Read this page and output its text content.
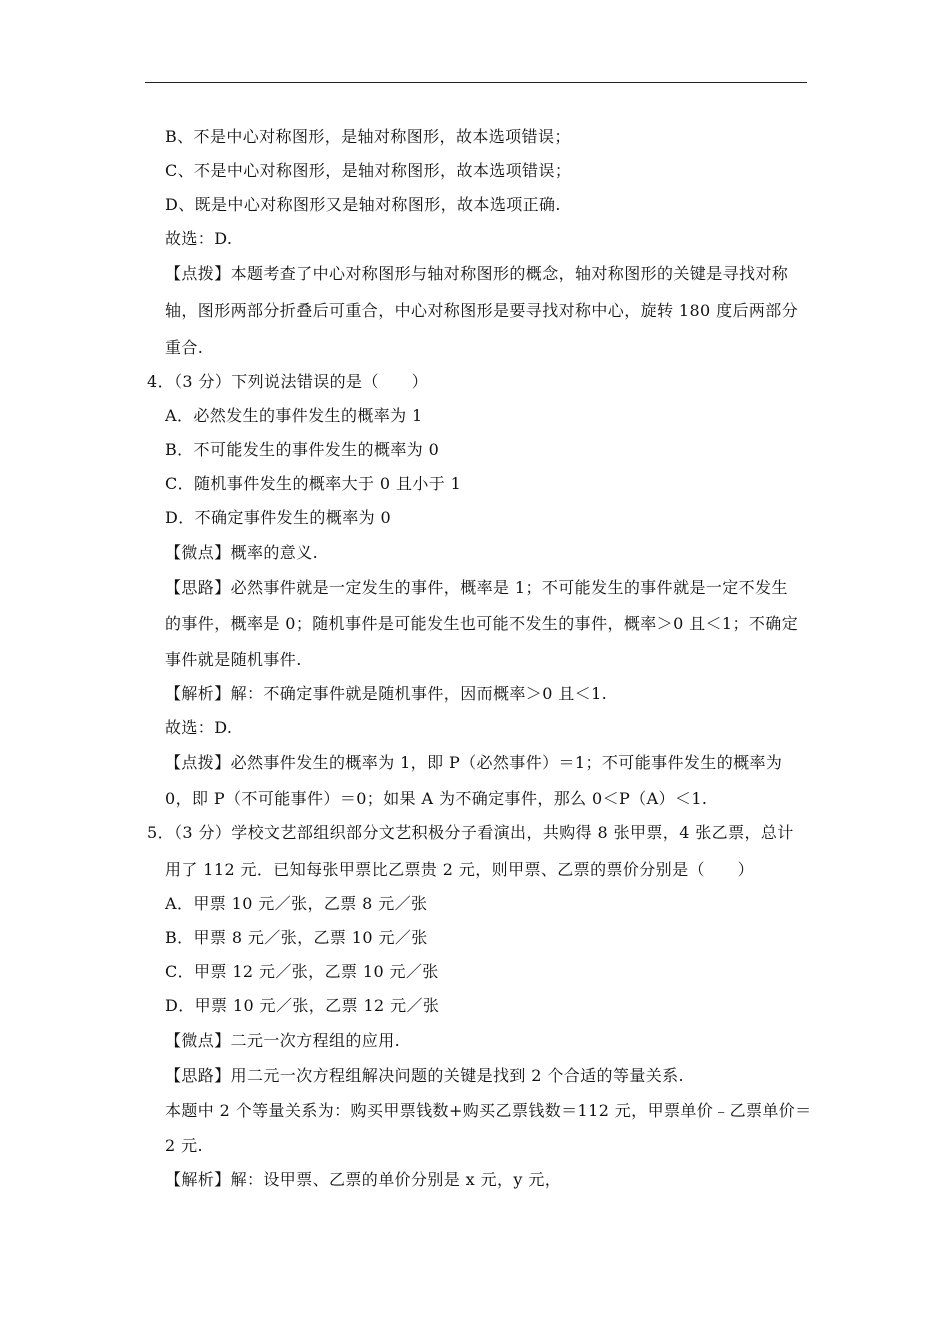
B、不是中心对称图形，是轴对称图形，故本选项错误；
C、不是中心对称图形，是轴对称图形，故本选项错误；
D、既是中心对称图形又是轴对称图形，故本选项正确.
故选：D.
【点拨】本题考查了中心对称图形与轴对称图形的概念，轴对称图形的关键是寻找对称
轴，图形两部分折叠后可重合，中心对称图形是要寻找对称中心，旋转 180 度后两部分
重合.
4．（3 分）下列说法错误的是（　　）
A．必然发生的事件发生的概率为 1
B．不可能发生的事件发生的概率为 0
C．随机事件发生的概率大于 0 且小于 1
D．不确定事件发生的概率为 0
【微点】概率的意义.
【思路】必然事件就是一定发生的事件，概率是 1；不可能发生的事件就是一定不发生
的事件，概率是 0；随机事件是可能发生也可能不发生的事件，概率＞0 且＜1；不确定
事件就是随机事件.
【解析】解：不确定事件就是随机事件，因而概率＞0 且＜1.
故选：D.
【点拨】必然事件发生的概率为 1，即 P（必然事件）＝1；不可能事件发生的概率为
0，即 P（不可能事件）＝0；如果 A 为不确定事件，那么 0＜P（A）＜1.
5．（3 分）学校文艺部组织部分文艺积极分子看演出，共购得 8 张甲票，4 张乙票，总计
用了 112 元．已知每张甲票比乙票贵 2 元，则甲票、乙票的票价分别是（　　）
A．甲票 10 元／张，乙票 8 元／张
B．甲票 8 元／张，乙票 10 元／张
C．甲票 12 元／张，乙票 10 元／张
D．甲票 10 元／张，乙票 12 元／张
【微点】二元一次方程组的应用.
【思路】用二元一次方程组解决问题的关键是找到 2 个合适的等量关系.
本题中 2 个等量关系为：购买甲票钱数+购买乙票钱数＝112 元，甲票单价﹣乙票单价＝
2 元.
【解析】解：设甲票、乙票的单价分别是 x 元，y 元，
